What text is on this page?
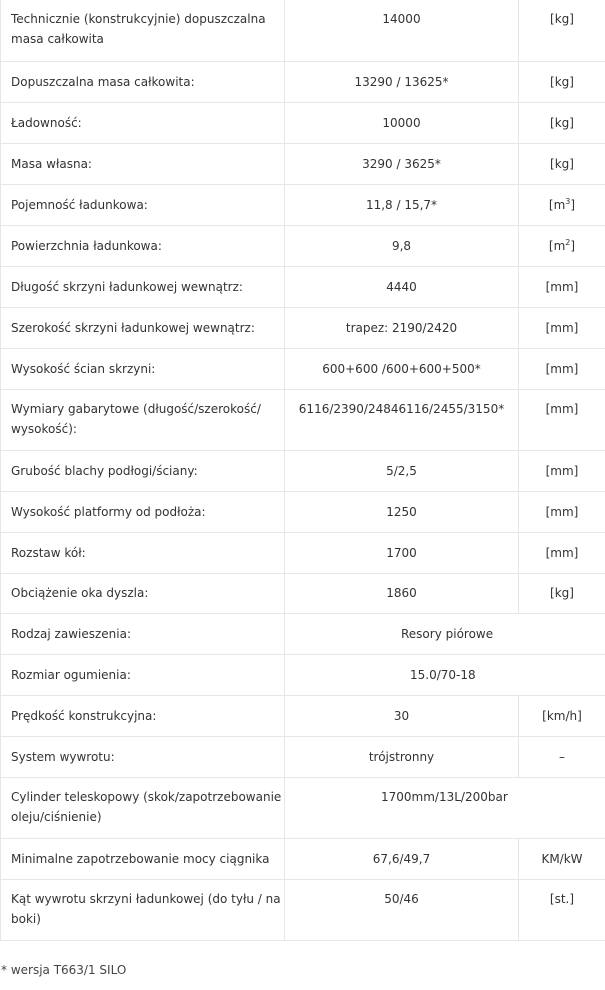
Technicznie (konstrukcyjnie) dopuszczalna masa całkowita	14000	[kg]
Dopuszczalna masa całkowita:	13290 / 13625*	[kg]
Ładowność:	10000	[kg]
Masa własna:	3290 / 3625*	[kg]
Pojemność ładunkowa:	11,8 / 15,7*	$[m^3]$
Powierzchnia ładunkowa:	9,8	$[m^2]$
Długość skrzyni ładunkowej wewnątrz:	4440	[mm]
Szerokość skrzyni ładunkowej wewnątrz:	trapez: 2190/2420	[mm]
Wysokość ścian skrzyni:	600+600 /600+600+500*	[mm]
Wymiary gabarytowe (długość/szerokość/ wysokość):	6116/2390/24846116/2455/3150*	[mm]
Grubość blachy podłogi/ściany:	5/2,5	[mm]
Wysokość platformy od podłoża:	1250	[mm]
Rozstaw kół:	1700	[mm]
Obciążenie oka dyszla:	1860	[kg]
Rodzaj zawieszenia:	Resory piórowe	
Rozmiar ogumienia:	15.0/70-18	
Prędkość konstrukcyjna:	30	[km/h]
System wywrotu:	trójstronny	–
Cylinder teleskopowy (skok/zapotrzebowanie oleju/ciśnienie)	1700mm/13L/200bar	
Minimalne zapotrzebowanie mocy ciągnika	67,6/49,7	KM/kW
Kąt wywrotu skrzyni ładunkowej (do tyłu / na boki)	50/46	[st.]
* wersja T663/1 SILO
